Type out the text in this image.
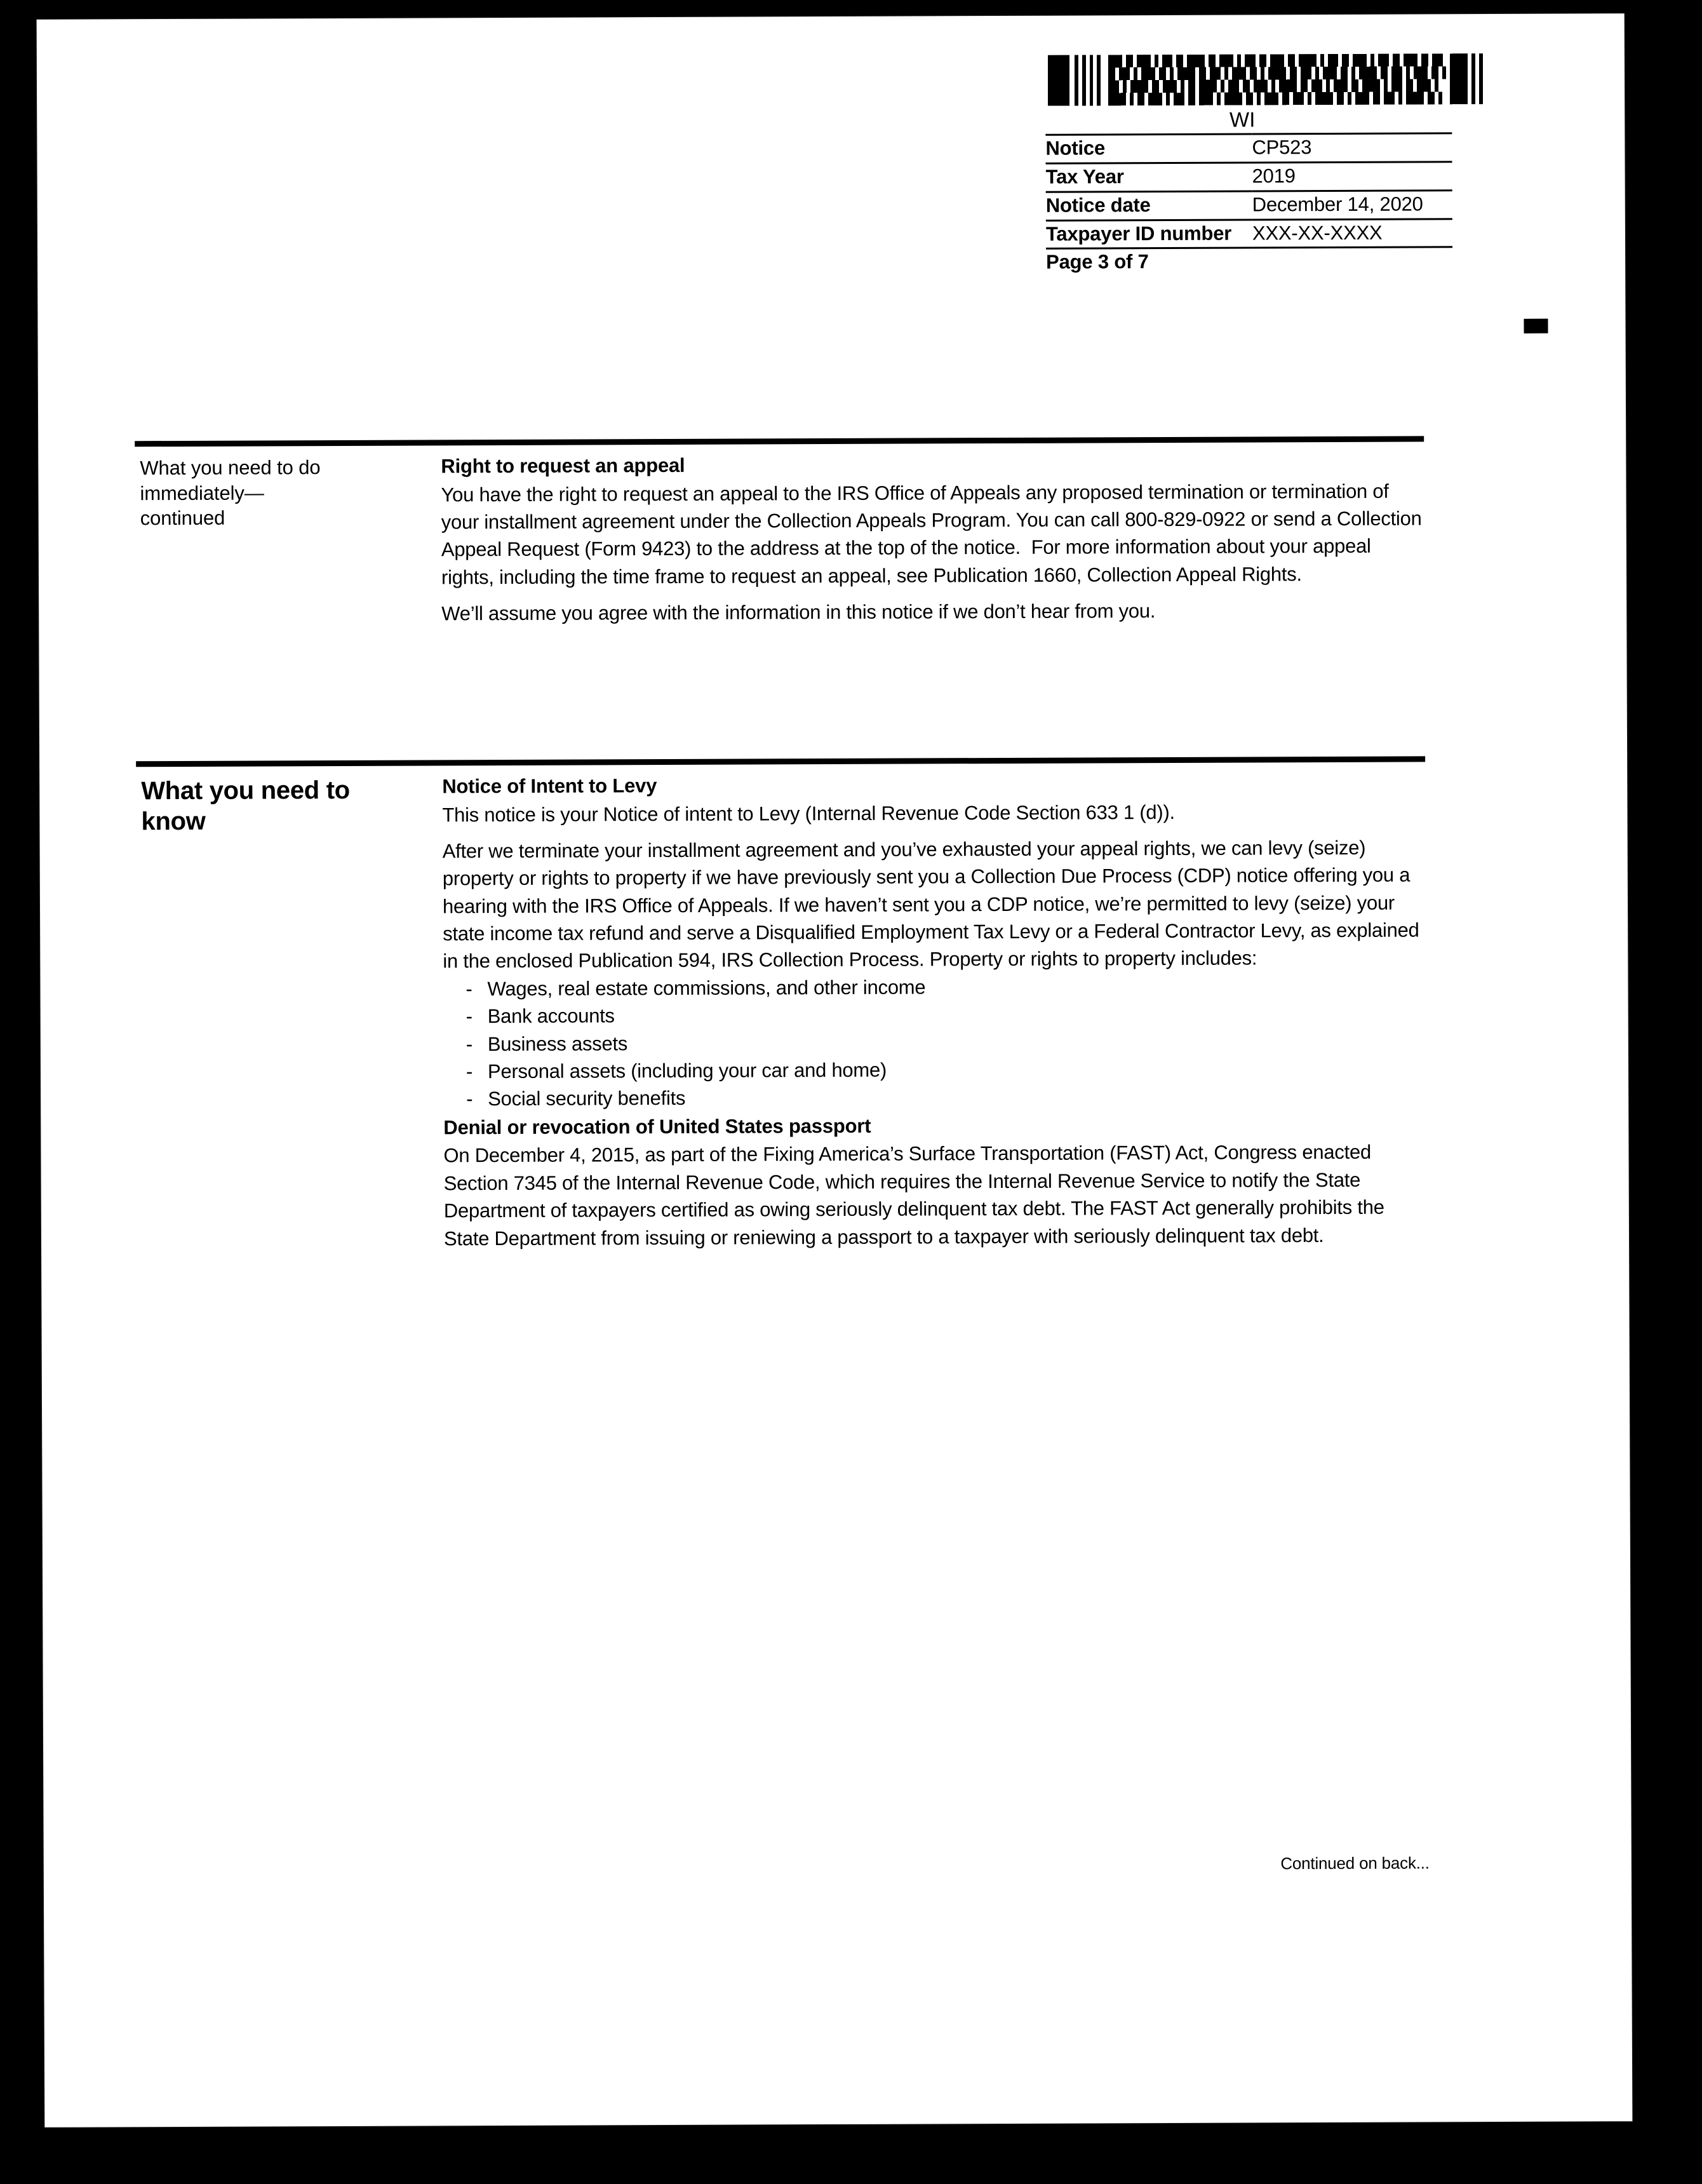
WI
Notice	CP523
Tax Year	2019
Notice date	December 14, 2020
Taxpayer ID number	XXX-XX-XXXX
Page 3 of 7	
What you need to do immediately—
continued
Right to request an appeal

You have the right to request an appeal to the IRS Office of Appeals any proposed termination or termination of your installment agreement under the Collection Appeals Program. You can call 800-829-0922 or send a Collection Appeal Request (Form 9423) to the address at the top of the notice.  For more information about your appeal rights, including the time frame to request an appeal, see Publication 1660, Collection Appeal Rights.

We’ll assume you agree with the information in this notice if we don’t hear from you.

What you need to know
Notice of Intent to Levy

This notice is your Notice of intent to Levy (Internal Revenue Code Section 633 1 (d)).

After we terminate your installment agreement and you’ve exhausted your appeal rights, we can levy (seize) property or rights to property if we have previously sent you a Collection Due Process (CDP) notice offering you a hearing with the IRS Office of Appeals. If we haven’t sent you a CDP notice, we’re permitted to levy (seize) your state income tax refund and serve a Disqualified Employment Tax Levy or a Federal Contractor Levy, as explained in the enclosed Publication 594, IRS Collection Process. Property or rights to property includes:

- Wages, real estate commissions, and other income
- Bank accounts
- Business assets
- Personal assets (including your car and home)
- Social security benefits
Denial or revocation of United States passport

On December 4, 2015, as part of the Fixing America’s Surface Transportation (FAST) Act, Congress enacted Section 7345 of the Internal Revenue Code, which requires the Internal Revenue Service to notify the State Department of taxpayers certified as owing seriously delinquent tax debt. The FAST Act generally prohibits the State Department from issuing or reniewing a passport to a taxpayer with seriously delinquent tax debt.

Continued on back...
